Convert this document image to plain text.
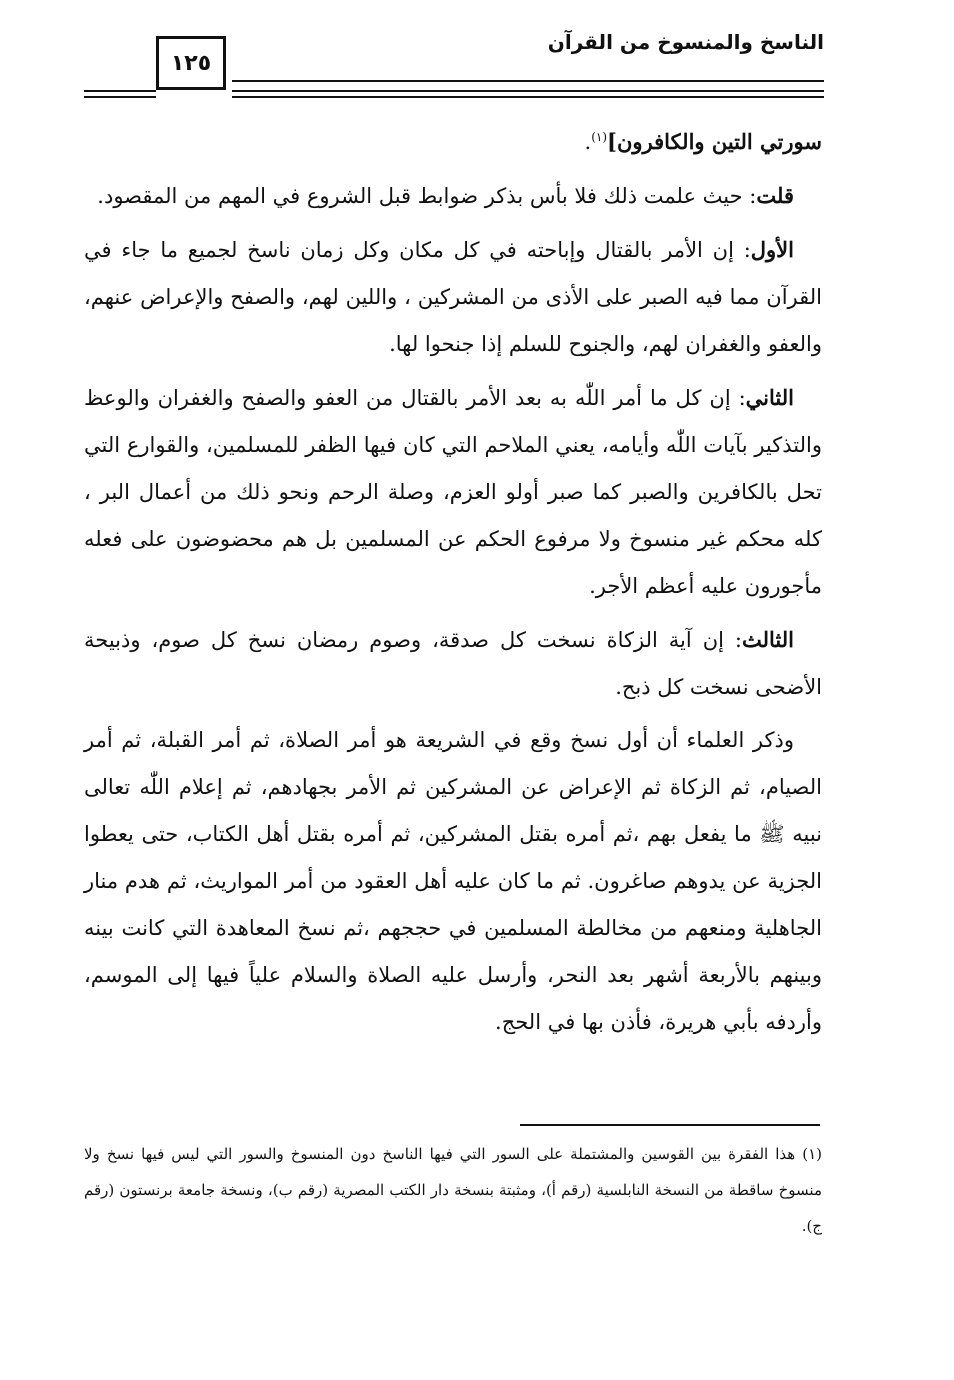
الناسخ والمنسوخ من القرآن
١٢٥

سورتي التين والكافرون]$^{(١)}$.

قلت: حيث علمت ذلك فلا بأس بذكر ضوابط قبل الشروع في المهم من المقصود.

الأول: إن الأمر بالقتال وإباحته في كل مكان وكل زمان ناسخ لجميع ما جاء في القرآن مما فيه الصبر على الأذى من المشركين ، واللين لهم، والصفح والإعراض عنهم، والعفو والغفران لهم، والجنوح للسلم إذا جنحوا لها.

الثاني: إن كل ما أمر اللّٰه به بعد الأمر بالقتال من العفو والصفح والغفران والوعظ والتذكير بآيات اللّٰه وأيامه، يعني الملاحم التي كان فيها الظفر للمسلمين، والقوارع التي تحل بالكافرين والصبر كما صبر أولو العزم، وصلة الرحم ونحو ذلك من أعمال البر ، كله محكم غير منسوخ ولا مرفوع الحكم عن المسلمين بل هم محضوضون على فعله مأجورون عليه أعظم الأجر.

الثالث: إن آية الزكاة نسخت كل صدقة، وصوم رمضان نسخ كل صوم، وذبيحة الأضحى نسخت كل ذبح.

وذكر العلماء أن أول نسخ وقع في الشريعة هو أمر الصلاة، ثم أمر القبلة، ثم أمر الصيام، ثم الزكاة ثم الإعراض عن المشركين ثم الأمر بجهادهم، ثم إعلام اللّٰه تعالى نبيه ﷺ ما يفعل بهم ،ثم أمره بقتل المشركين، ثم أمره بقتل أهل الكتاب، حتى يعطوا الجزية عن يدوهم صاغرون. ثم ما كان عليه أهل العقود من أمر المواريث، ثم هدم منار الجاهلية ومنعهم من مخالطة المسلمين في حججهم ،ثم نسخ المعاهدة التي كانت بينه وبينهم بالأربعة أشهر بعد النحر، وأرسل عليه الصلاة والسلام علياً فيها إلى الموسم، وأردفه بأبي هريرة، فأذن بها في الحج.

(١) هذا الفقرة بين القوسين والمشتملة على السور التي فيها الناسخ دون المنسوخ والسور التي ليس فيها نسخ ولا منسوخ ساقطة من النسخة النابلسية (رقم أ)، ومثبتة بنسخة دار الكتب المصرية (رقم ب)، ونسخة جامعة برنستون (رقم ج).
